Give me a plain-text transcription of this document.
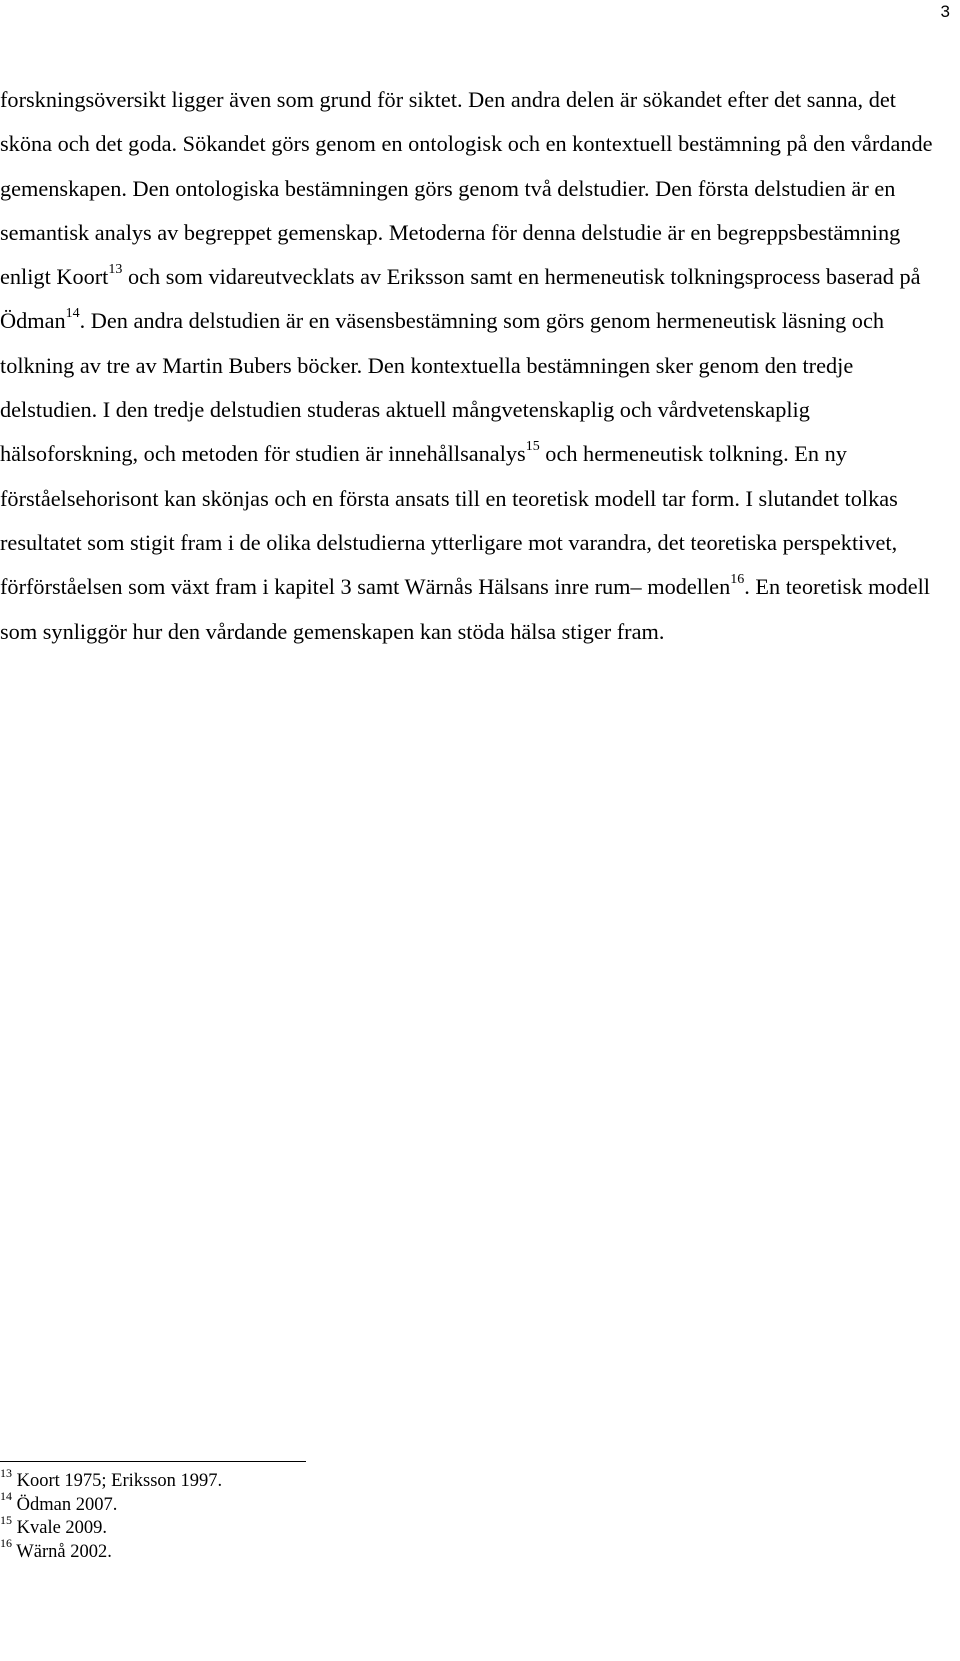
3

forskningsöversikt ligger även som grund för siktet. Den andra delen är sökandet efter det sanna, det sköna och det goda. Sökandet görs genom en ontologisk och en kontextuell bestämning på den vårdande gemenskapen. Den ontologiska bestämningen görs genom två delstudier. Den första delstudien är en semantisk analys av begreppet gemenskap. Metoderna för denna delstudie är en begreppsbestämning enligt Koort$^{13}$ och som vidareutvecklats av Eriksson samt en hermeneutisk tolkningsprocess baserad på Ödman$^{14}$. Den andra delstudien är en väsensbestämning som görs genom hermeneutisk läsning och tolkning av tre av Martin Bubers böcker. Den kontextuella bestämningen sker genom den tredje delstudien. I den tredje delstudien studeras aktuell mångvetenskaplig och vårdvetenskaplig hälsoforskning, och metoden för studien är innehållsanalys$^{15}$ och hermeneutisk tolkning. En ny förståelsehorisont kan skönjas och en första ansats till en teoretisk modell tar form. I slutandet tolkas resultatet som stigit fram i de olika delstudierna ytterligare mot varandra, det teoretiska perspektivet, förförståelsen som växt fram i kapitel 3 samt Wärnås Hälsans inre rum– modellen$^{16}$. En teoretisk modell som synliggör hur den vårdande gemenskapen kan stöda hälsa stiger fram.

$^{13}$ Koort 1975; Eriksson 1997.
$^{14}$ Ödman 2007.
$^{15}$ Kvale 2009.
$^{16}$ Wärnå 2002.
